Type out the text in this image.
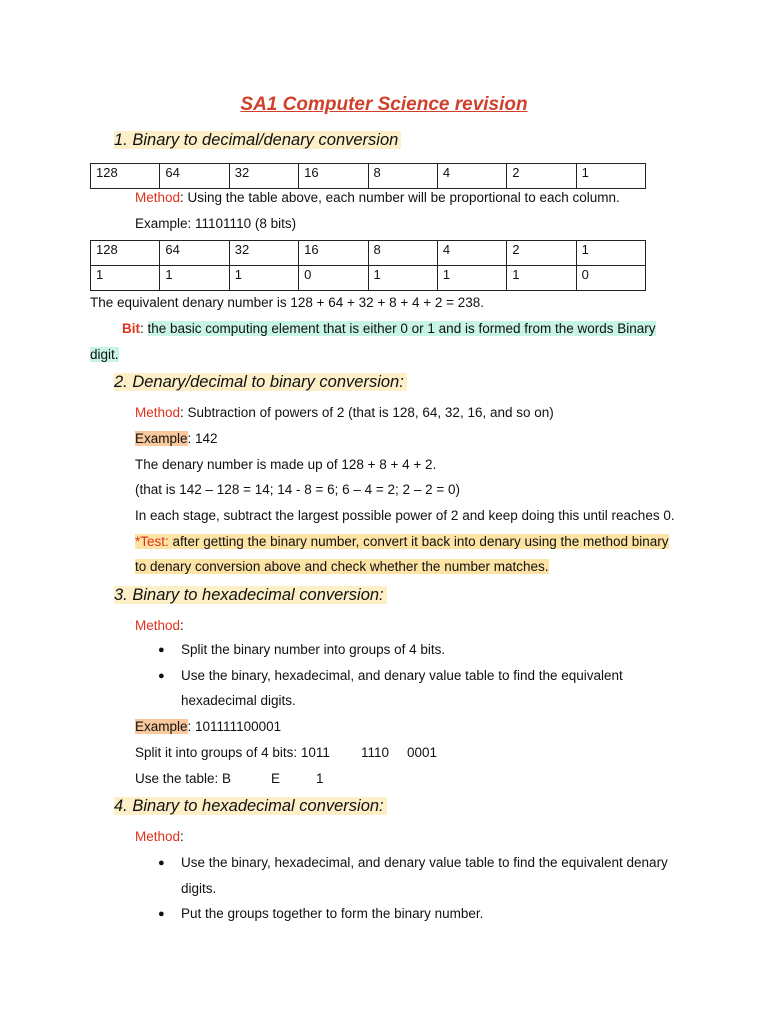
SA1 Computer Science revision
1. Binary to decimal/denary conversion
128	64	32	16	8	4	2	1
Method: Using the table above, each number will be proportional to each column.
Example: 11101110 (8 bits)
128	64	32	16	8	4	2	1
1	1	1	0	1	1	1	0
The equivalent denary number is 128 + 64 + 32 + 8 + 4 + 2 = 238.
Bit: the basic computing element that is either 0 or 1 and is formed from the words Binary
digit.
2. Denary/decimal to binary conversion:
Method: Subtraction of powers of 2 (that is 128, 64, 32, 16, and so on)
Example: 142
The denary number is made up of 128 + 8 + 4 + 2.
(that is 142 – 128 = 14; 14 - 8 = 6; 6 – 4 = 2; 2 – 2 = 0)
In each stage, subtract the largest possible power of 2 and keep doing this until reaches 0.
*Test: after getting the binary number, convert it back into denary using the method binary
to denary conversion above and check whether the number matches.
3. Binary to hexadecimal conversion:
Method:
● Split the binary number into groups of 4 bits.
● Use the binary, hexadecimal, and denary value table to find the equivalent
hexadecimal digits.
Example: 101111100001
Split it into groups of 4 bits: 1011 1110 0001
Use the table: B	E	1
4. Binary to hexadecimal conversion:
Method:
● Use the binary, hexadecimal, and denary value table to find the equivalent denary
digits.
● Put the groups together to form the binary number.
